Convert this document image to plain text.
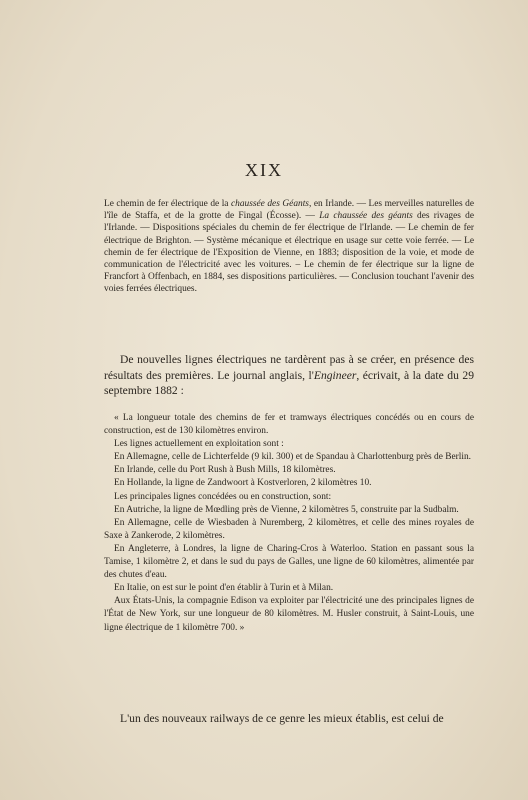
XIX
Le chemin de fer électrique de la chaussée des Géants, en Irlande. — Les merveilles naturelles de l'île de Staffa, et de la grotte de Fingal (Écosse). — La chaussée des géants des rivages de l'Irlande. — Dispositions spéciales du chemin de fer électrique de l'Irlande. — Le chemin de fer électrique de Brighton. — Système mécanique et électrique en usage sur cette voie ferrée. — Le chemin de fer électrique de l'Exposition de Vienne, en 1883; disposition de la voie, et mode de communication de l'électricité avec les voitures. – Le chemin de fer électrique sur la ligne de Francfort à Offenbach, en 1884, ses dispositions particulières. — Conclusion touchant l'avenir des voies ferrées électriques.
De nouvelles lignes électriques ne tardèrent pas à se créer, en présence des résultats des premières. Le journal anglais, l'Engineer, écrivait, à la date du 29 septembre 1882 :

« La longueur totale des chemins de fer et tramways électriques concédés ou en cours de construction, est de 130 kilomètres environ.

Les lignes actuellement en exploitation sont :

En Allemagne, celle de Lichterfelde (9 kil. 300) et de Spandau à Charlottenburg près de Berlin.

En Irlande, celle du Port Rush à Bush Mills, 18 kilomètres.

En Hollande, la ligne de Zandwoort à Kostverloren, 2 kilomètres 10.

Les principales lignes concédées ou en construction, sont:

En Autriche, la ligne de Mœdling près de Vienne, 2 kilomètres 5, construite par la Sudbalm.

En Allemagne, celle de Wiesbaden à Nuremberg, 2 kilomètres, et celle des mines royales de Saxe à Zankerode, 2 kilomètres.

En Angleterre, à Londres, la ligne de Charing-Cros à Waterloo. Station en passant sous la Tamise, 1 kilomètre 2, et dans le sud du pays de Galles, une ligne de 60 kilomètres, alimentée par des chutes d'eau.

En Italie, on est sur le point d'en établir à Turin et à Milan.

Aux États-Unis, la compagnie Edison va exploiter par l'électricité une des principales lignes de l'État de New York, sur une longueur de 80 kilomètres. M. Husler construit, à Saint-Louis, une ligne électrique de 1 kilomètre 700. »

L'un des nouveaux railways de ce genre les mieux établis, est celui de
